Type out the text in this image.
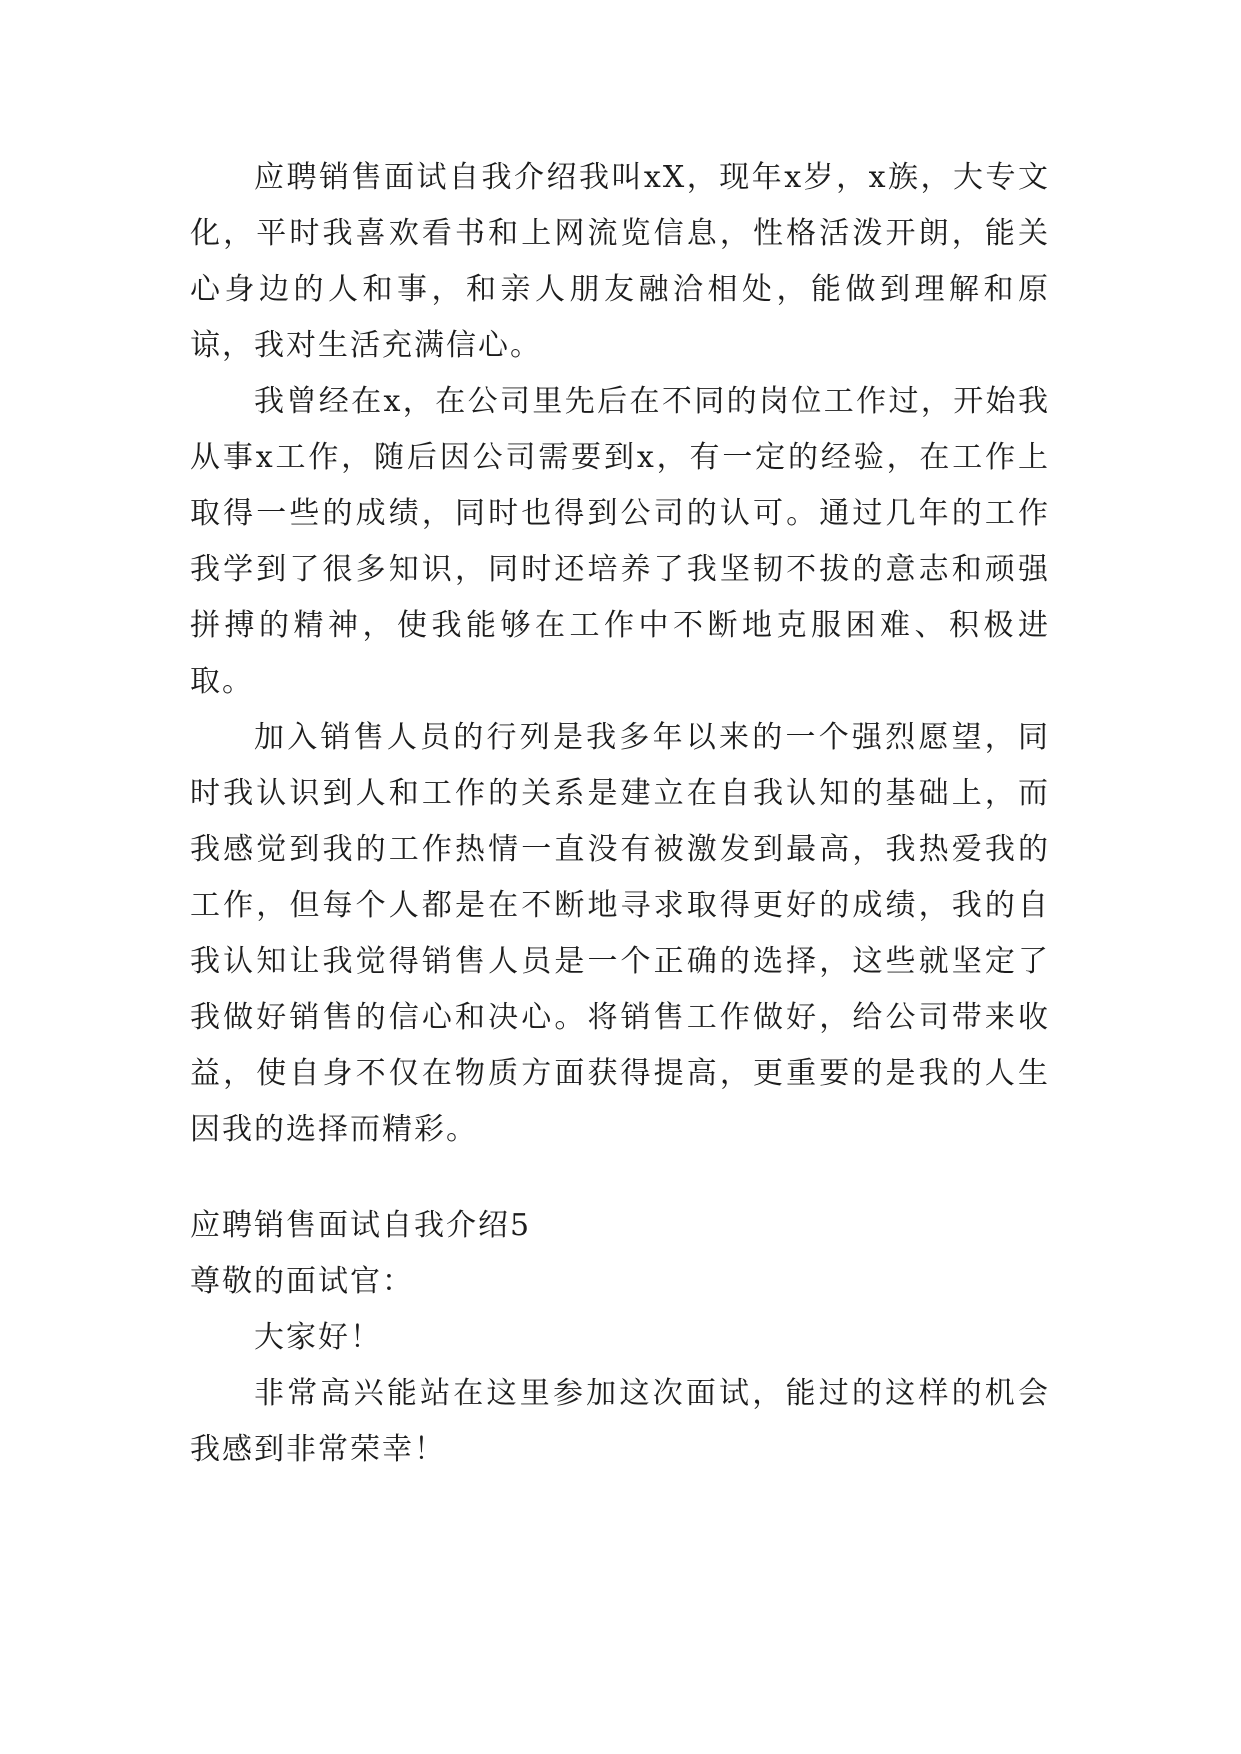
应聘销售面试自我介绍我叫xX，现年x岁，x族，大专文化，平时我喜欢看书和上网流览信息，性格活泼开朗，能关心身边的人和事，和亲人朋友融洽相处，能做到理解和原谅，我对生活充满信心。

我曾经在x，在公司里先后在不同的岗位工作过，开始我从事x工作，随后因公司需要到x，有一定的经验，在工作上取得一些的成绩，同时也得到公司的认可。通过几年的工作我学到了很多知识，同时还培养了我坚韧不拔的意志和顽强拼搏的精神，使我能够在工作中不断地克服困难、积极进取。

加入销售人员的行列是我多年以来的一个强烈愿望，同时我认识到人和工作的关系是建立在自我认知的基础上，而我感觉到我的工作热情一直没有被激发到最高，我热爱我的工作，但每个人都是在不断地寻求取得更好的成绩，我的自我认知让我觉得销售人员是一个正确的选择，这些就坚定了我做好销售的信心和决心。将销售工作做好，给公司带来收益，使自身不仅在物质方面获得提高，更重要的是我的人生因我的选择而精彩。

应聘销售面试自我介绍5

尊敬的面试官：

大家好！

非常高兴能站在这里参加这次面试，能过的这样的机会我感到非常荣幸！
